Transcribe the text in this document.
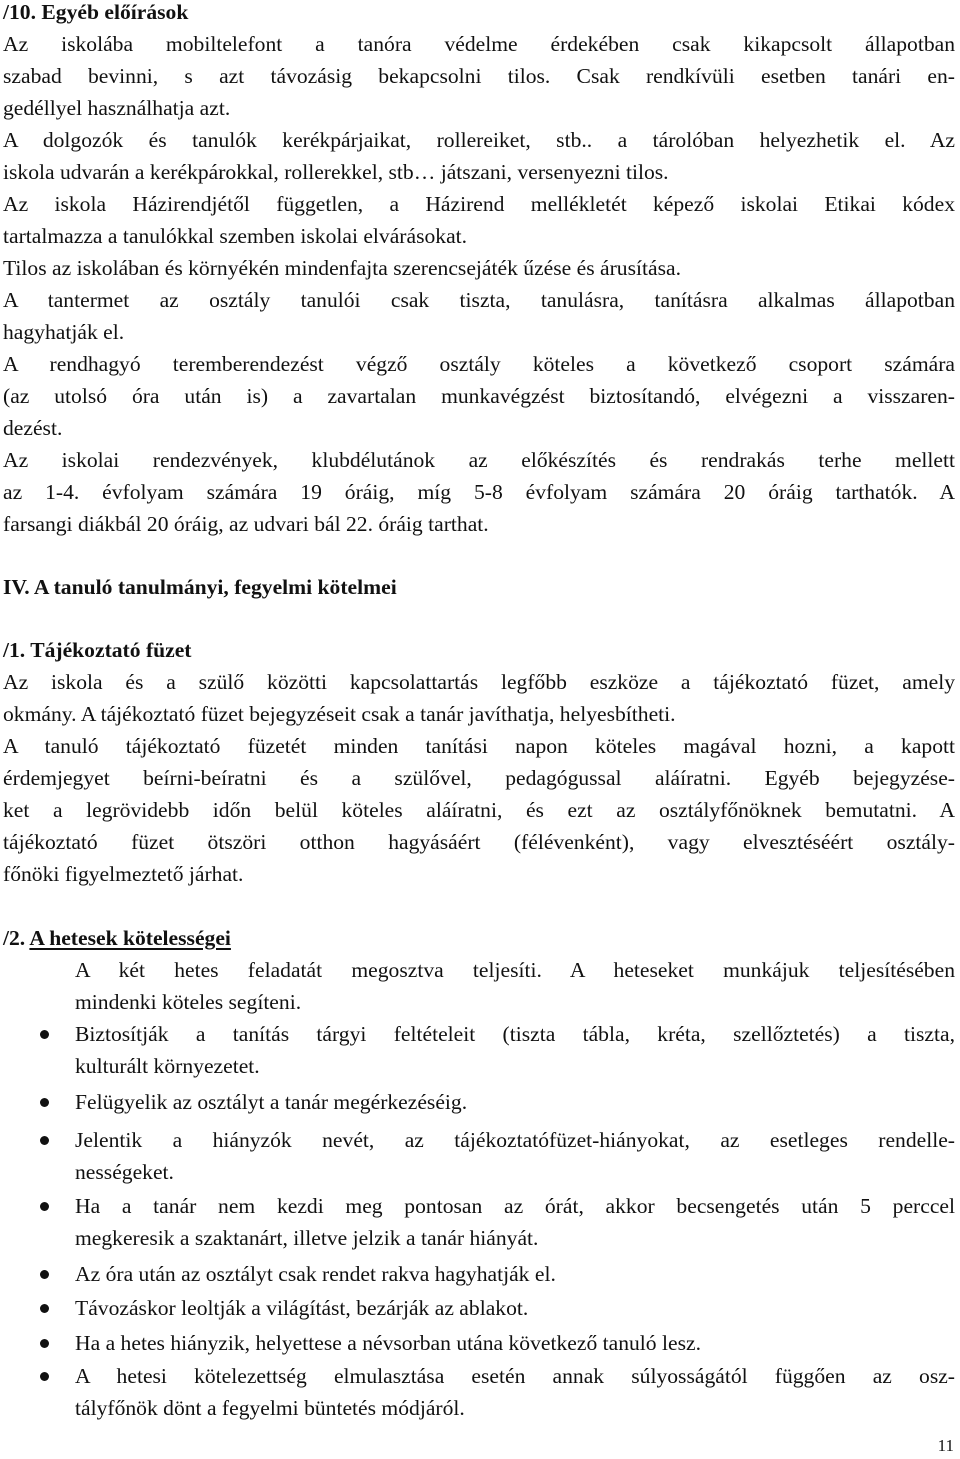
/10. Egyéb előírások
Az iskolába mobiltelefont a tanóra védelme érdekében csak kikapcsolt állapotban
szabad bevinni, s azt távozásig bekapcsolni tilos. Csak rendkívüli esetben tanári en-
gedéllyel használhatja azt.
A dolgozók és tanulók kerékpárjaikat, rollereiket, stb.. a tárolóban helyezhetik el. Az
iskola udvarán a kerékpárokkal, rollerekkel, stb… játszani, versenyezni tilos.
Az iskola Házirendjétől független, a Házirend mellékletét képező iskolai Etikai kódex
tartalmazza a tanulókkal szemben iskolai elvárásokat.
Tilos az iskolában és környékén mindenfajta szerencsejáték űzése és árusítása.
A tantermet az osztály tanulói csak tiszta, tanulásra, tanításra alkalmas állapotban
hagyhatják el.
A rendhagyó teremberendezést végző osztály köteles a következő csoport számára
(az utolsó óra után is) a zavartalan munkavégzést biztosítandó, elvégezni a visszaren-
dezést.
Az iskolai rendezvények, klubdélutánok az előkészítés és rendrakás terhe mellett
az 1-4. évfolyam számára 19 óráig, míg 5-8 évfolyam számára 20 óráig tarthatók. A
farsangi diákbál 20 óráig, az udvari bál 22. óráig tarthat.
IV. A tanuló tanulmányi, fegyelmi kötelmei
/1. Tájékoztató füzet
Az iskola és a szülő közötti kapcsolattartás legfőbb eszköze a tájékoztató füzet, amely
okmány. A tájékoztató füzet bejegyzéseit csak a tanár javíthatja, helyesbítheti.
A tanuló tájékoztató füzetét minden tanítási napon köteles magával hozni, a kapott
érdemjegyet beírni-beíratni és a szülővel, pedagógussal aláíratni. Egyéb bejegyzése-
ket a legrövidebb időn belül köteles aláíratni, és ezt az osztályfőnöknek bemutatni. A
tájékoztató füzet ötszöri otthon hagyásáért (félévenként), vagy elvesztéséért osztály-
főnöki figyelmeztető járhat.
/2. A hetesek kötelességei
A két hetes feladatát megosztva teljesíti. A heteseket munkájuk teljesítésében
mindenki köteles segíteni.
Biztosítják a tanítás tárgyi feltételeit (tiszta tábla, kréta, szellőztetés) a tiszta,
kulturált környezetet.
Felügyelik az osztályt a tanár megérkezéséig.
Jelentik a hiányzók nevét, az tájékoztatófüzet-hiányokat, az esetleges rendelle-
nességeket.
Ha a tanár nem kezdi meg pontosan az órát, akkor becsengetés után 5 perccel
megkeresik a szaktanárt, illetve jelzik a tanár hiányát.
Az óra után az osztályt csak rendet rakva hagyhatják el.
Távozáskor leoltják a világítást, bezárják az ablakot.
Ha a hetes hiányzik, helyettese a névsorban utána következő tanuló lesz.
A hetesi kötelezettség elmulasztása esetén annak súlyosságától függően az osz-
tályfőnök dönt a fegyelmi büntetés módjáról.
11
